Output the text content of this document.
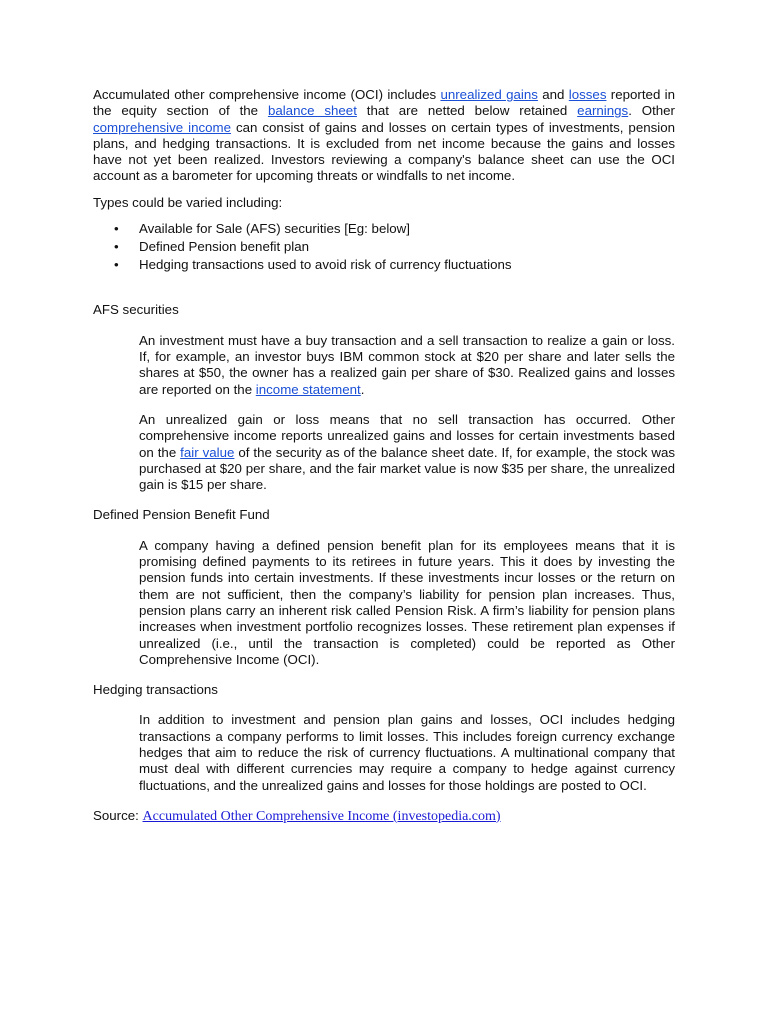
Accumulated other comprehensive income (OCI) includes unrealized gains and losses reported in the equity section of the balance sheet that are netted below retained earnings. Other comprehensive income can consist of gains and losses on certain types of investments, pension plans, and hedging transactions. It is excluded from net income because the gains and losses have not yet been realized. Investors reviewing a company's balance sheet can use the OCI account as a barometer for upcoming threats or windfalls to net income.

Types could be varied including:

• Available for Sale (AFS) securities [Eg: below]
• Defined Pension benefit plan
• Hedging transactions used to avoid risk of currency fluctuations

AFS securities

An investment must have a buy transaction and a sell transaction to realize a gain or loss. If, for example, an investor buys IBM common stock at $20 per share and later sells the shares at $50, the owner has a realized gain per share of $30. Realized gains and losses are reported on the income statement.

An unrealized gain or loss means that no sell transaction has occurred. Other comprehensive income reports unrealized gains and losses for certain investments based on the fair value of the security as of the balance sheet date. If, for example, the stock was purchased at $20 per share, and the fair market value is now $35 per share, the unrealized gain is $15 per share.

Defined Pension Benefit Fund

A company having a defined pension benefit plan for its employees means that it is promising defined payments to its retirees in future years. This it does by investing the pension funds into certain investments. If these investments incur losses or the return on them are not sufficient, then the company’s liability for pension plan increases. Thus, pension plans carry an inherent risk called Pension Risk. A firm’s liability for pension plans increases when investment portfolio recognizes losses. These retirement plan expenses if unrealized (i.e., until the transaction is completed) could be reported as Other Comprehensive Income (OCI).

Hedging transactions

In addition to investment and pension plan gains and losses, OCI includes hedging transactions a company performs to limit losses. This includes foreign currency exchange hedges that aim to reduce the risk of currency fluctuations. A multinational company that must deal with different currencies may require a company to hedge against currency fluctuations, and the unrealized gains and losses for those holdings are posted to OCI.

Source: Accumulated Other Comprehensive Income (investopedia.com)
